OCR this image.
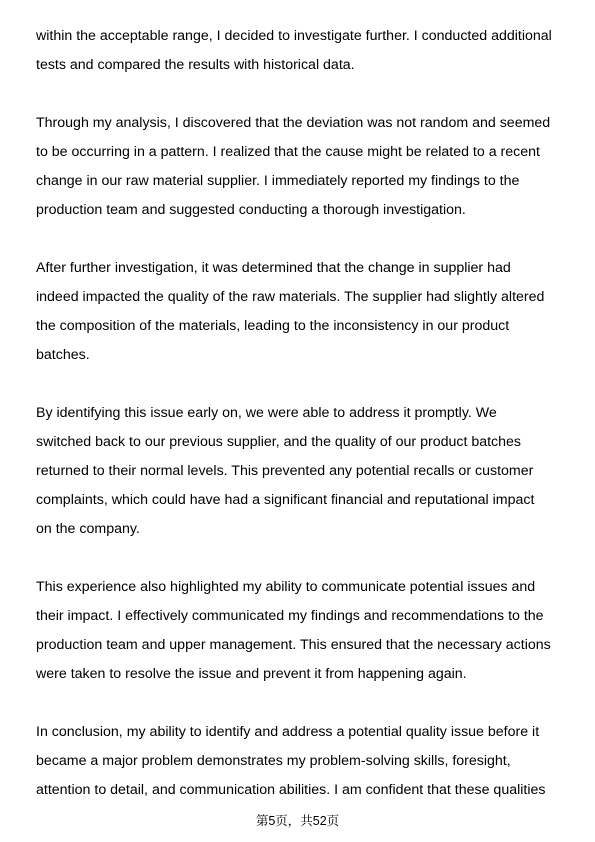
within the acceptable range, I decided to investigate further. I conducted additional
tests and compared the results with historical data.

Through my analysis, I discovered that the deviation was not random and seemed
to be occurring in a pattern. I realized that the cause might be related to a recent
change in our raw material supplier. I immediately reported my findings to the
production team and suggested conducting a thorough investigation.

After further investigation, it was determined that the change in supplier had
indeed impacted the quality of the raw materials. The supplier had slightly altered
the composition of the materials, leading to the inconsistency in our product
batches.

By identifying this issue early on, we were able to address it promptly. We
switched back to our previous supplier, and the quality of our product batches
returned to their normal levels. This prevented any potential recalls or customer
complaints, which could have had a significant financial and reputational impact
on the company.

This experience also highlighted my ability to communicate potential issues and
their impact. I effectively communicated my findings and recommendations to the
production team and upper management. This ensured that the necessary actions
were taken to resolve the issue and prevent it from happening again.

In conclusion, my ability to identify and address a potential quality issue before it
became a major problem demonstrates my problem-solving skills, foresight,
attention to detail, and communication abilities. I am confident that these qualities

第5页，共52页
